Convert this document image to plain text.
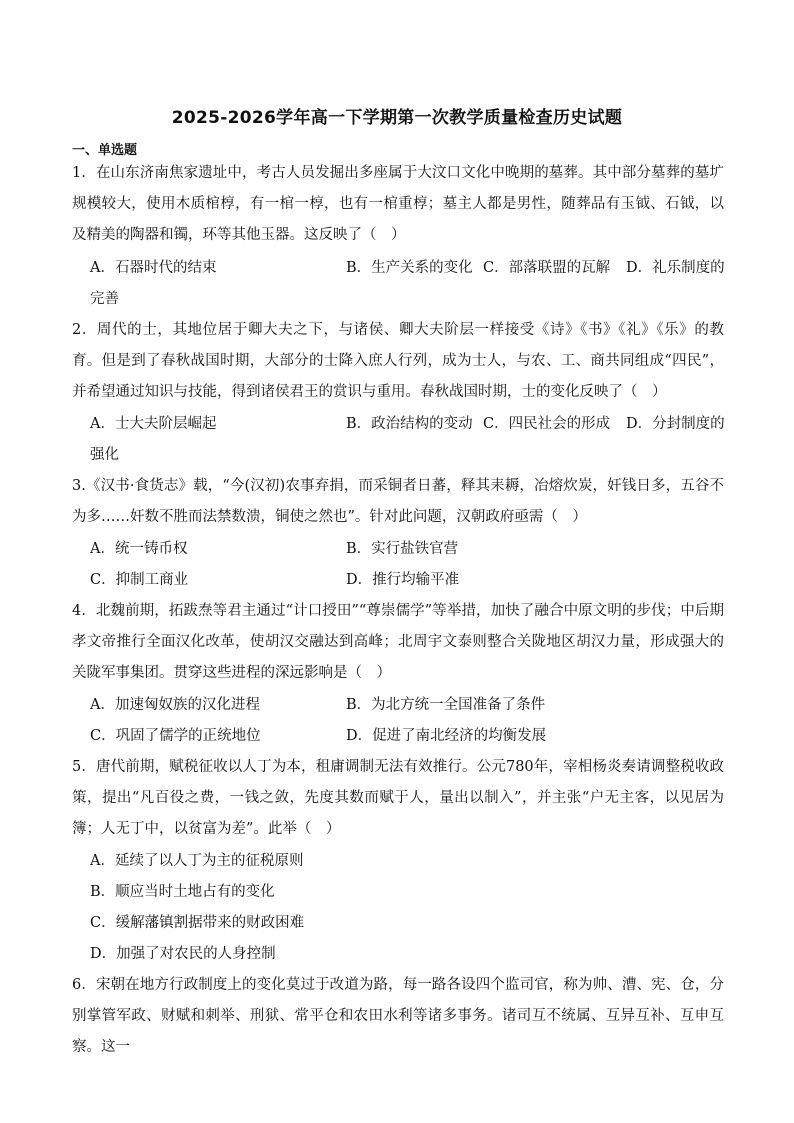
2025-2026学年高一下学期第一次教学质量检查历史试题
一、单选题
1．在山东济南焦家遗址中，考古人员发掘出多座属于大汶口文化中晚期的墓葬。其中部分墓葬的墓圹规模较大，使用木质棺椁，有一棺一椁，也有一棺重椁；墓主人都是男性，随葬品有玉钺、石钺，以及精美的陶器和镯，环等其他玉器。这反映了（　）
A．石器时代的结束	B．生产关系的变化 C．部落联盟的瓦解 D．礼乐制度的
完善
2．周代的士，其地位居于卿大夫之下，与诸侯、卿大夫阶层一样接受《诗》《书》《礼》《乐》的教育。但是到了春秋战国时期，大部分的士降入庶人行列，成为士人，与农、工、商共同组成“四民”，并希望通过知识与技能，得到诸侯君王的赏识与重用。春秋战国时期，士的变化反映了（　）
A．士大夫阶层崛起	B．政治结构的变动 C．四民社会的形成 D．分封制度的
强化
3.《汉书·食货志》载，“今(汉初)农事弃捐，而采铜者日蕃，释其耒耨，冶熔炊炭，奸钱日多，五谷不为多……奸数不胜而法禁数溃，铜使之然也”。针对此问题，汉朝政府亟需（　）
A．统一铸币权	B．实行盐铁官营
C．抑制工商业	D．推行均输平准
4．北魏前期，拓跋焘等君主通过“计口授田”“尊崇儒学”等举措，加快了融合中原文明的步伐；中后期孝文帝推行全面汉化改革，使胡汉交融达到高峰；北周宇文泰则整合关陇地区胡汉力量，形成强大的关陇军事集团。贯穿这些进程的深远影响是（　）
A．加速匈奴族的汉化进程	B．为北方统一全国准备了条件
C．巩固了儒学的正统地位	D．促进了南北经济的均衡发展
5．唐代前期，赋税征收以人丁为本，租庸调制无法有效推行。公元780年，宰相杨炎奏请调整税收政策，提出“凡百役之费，一钱之敛，先度其数而赋于人，量出以制入”，并主张“户无主客，以见居为簿；人无丁中，以贫富为差”。此举（　）
A．延续了以人丁为主的征税原则
B．顺应当时土地占有的变化
C．缓解藩镇割据带来的财政困难
D．加强了对农民的人身控制
6．宋朝在地方行政制度上的变化莫过于改道为路，每一路各设四个监司官，称为帅、漕、宪、仓，分别掌管军政、财赋和刺举、刑狱、常平仓和农田水利等诸多事务。诸司互不统属、互异互补、互申互察。这一
